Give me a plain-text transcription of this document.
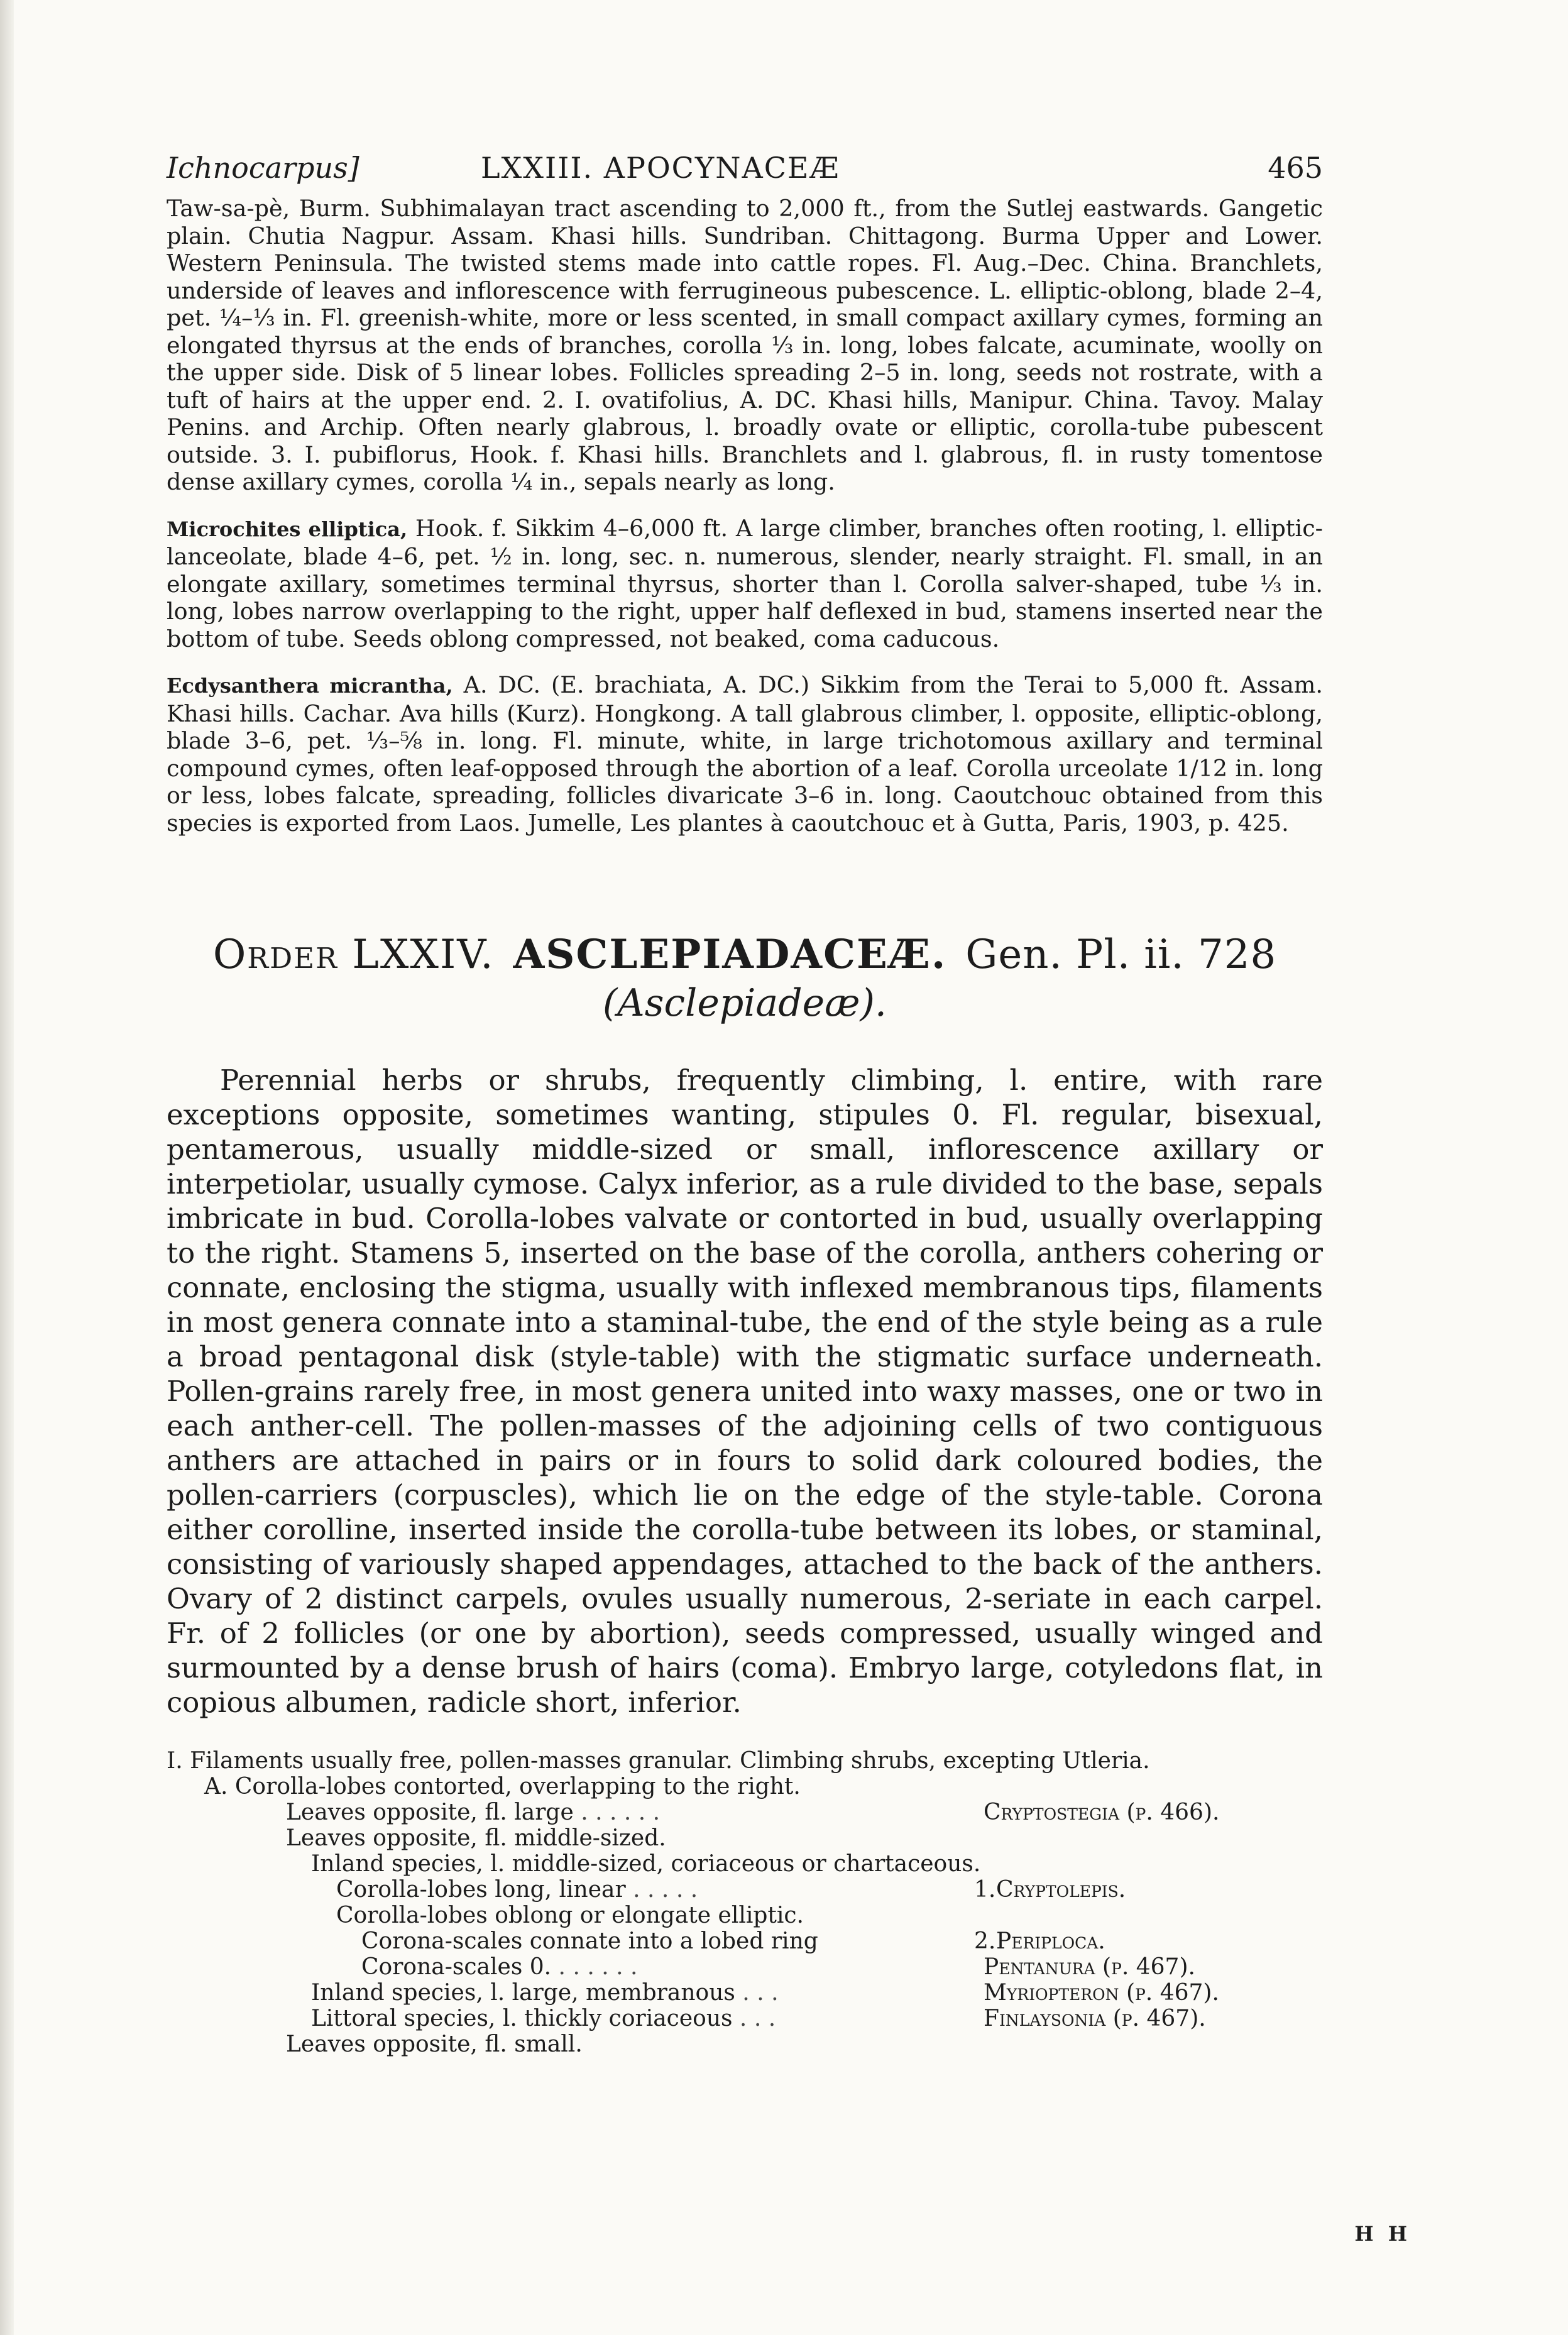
Ichnocarpus]	LXXIII. APOCYNACEÆ	465

Taw-sa-pè, Burm. Subhimalayan tract ascending to 2,000 ft., from the Sutlej eastwards. Gangetic plain. Chutia Nagpur. Assam. Khasi hills. Sundriban. Chittagong. Burma Upper and Lower. Western Peninsula. The twisted stems made into cattle ropes. Fl. Aug.–Dec. China. Branchlets, underside of leaves and inflorescence with ferrugineous pubescence. L. elliptic-oblong, blade 2–4, pet. ¼–⅓ in. Fl. greenish-white, more or less scented, in small compact axillary cymes, forming an elongated thyrsus at the ends of branches, corolla ⅓ in. long, lobes falcate, acuminate, woolly on the upper side. Disk of 5 linear lobes. Follicles spreading 2–5 in. long, seeds not rostrate, with a tuft of hairs at the upper end. 2. I. ovatifolius, A. DC. Khasi hills, Manipur. China. Tavoy. Malay Penins. and Archip. Often nearly glabrous, l. broadly ovate or elliptic, corolla-tube pubescent outside. 3. I. pubiflorus, Hook. f. Khasi hills. Branchlets and l. glabrous, fl. in rusty tomentose dense axillary cymes, corolla ¼ in., sepals nearly as long.

Microchites elliptica, Hook. f. Sikkim 4–6,000 ft. A large climber, branches often rooting, l. elliptic-lanceolate, blade 4–6, pet. ½ in. long, sec. n. numerous, slender, nearly straight. Fl. small, in an elongate axillary, sometimes terminal thyrsus, shorter than l. Corolla salver-shaped, tube ⅓ in. long, lobes narrow overlapping to the right, upper half deflexed in bud, stamens inserted near the bottom of tube. Seeds oblong compressed, not beaked, coma caducous.

Ecdysanthera micrantha, A. DC. (E. brachiata, A. DC.) Sikkim from the Terai to 5,000 ft. Assam. Khasi hills. Cachar. Ava hills (Kurz). Hongkong. A tall glabrous climber, l. opposite, elliptic-oblong, blade 3–6, pet. ⅓–⅝ in. long. Fl. minute, white, in large trichotomous axillary and terminal compound cymes, often leaf-opposed through the abortion of a leaf. Corolla urceolate 1/12 in. long or less, lobes falcate, spreading, follicles divaricate 3–6 in. long. Caoutchouc obtained from this species is exported from Laos. Jumelle, Les plantes à caoutchouc et à Gutta, Paris, 1903, p. 425.

Order LXXIV. ASCLEPIADACEÆ. Gen. Pl. ii. 728
(Asclepiadeæ).

Perennial herbs or shrubs, frequently climbing, l. entire, with rare exceptions opposite, sometimes wanting, stipules 0. Fl. regular, bisexual, pentamerous, usually middle-sized or small, inflorescence axillary or interpetiolar, usually cymose. Calyx inferior, as a rule divided to the base, sepals imbricate in bud. Corolla-lobes valvate or contorted in bud, usually overlapping to the right. Stamens 5, inserted on the base of the corolla, anthers cohering or connate, enclosing the stigma, usually with inflexed membranous tips, filaments in most genera connate into a staminal-tube, the end of the style being as a rule a broad pentagonal disk (style-table) with the stigmatic surface underneath. Pollen-grains rarely free, in most genera united into waxy masses, one or two in each anther-cell. The pollen-masses of the adjoining cells of two contiguous anthers are attached in pairs or in fours to solid dark coloured bodies, the pollen-carriers (corpuscles), which lie on the edge of the style-table. Corona either corolline, inserted inside the corolla-tube between its lobes, or staminal, consisting of variously shaped appendages, attached to the back of the anthers. Ovary of 2 distinct carpels, ovules usually numerous, 2-seriate in each carpel. Fr. of 2 follicles (or one by abortion), seeds compressed, usually winged and surmounted by a dense brush of hairs (coma). Embryo large, cotyledons flat, in copious albumen, radicle short, inferior.

I. Filaments usually free, pollen-masses granular. Climbing shrubs, excepting Utleria.
A. Corolla-lobes contorted, overlapping to the right.
Leaves opposite, fl. large . . . . . .	Cryptostegia (p. 466).
Leaves opposite, fl. middle-sized.
Inland species, l. middle-sized, coriaceous or chartaceous.
Corolla-lobes long, linear . . . . .	1. Cryptolepis.
Corolla-lobes oblong or elongate elliptic.
Corona-scales connate into a lobed ring	2. Periploca.
Corona-scales 0. . . . . . .	Pentanura (p. 467).
Inland species, l. large, membranous . . .	Myriopteron (p. 467).
Littoral species, l. thickly coriaceous . . .	Finlaysonia (p. 467).
Leaves opposite, fl. small.
H H
